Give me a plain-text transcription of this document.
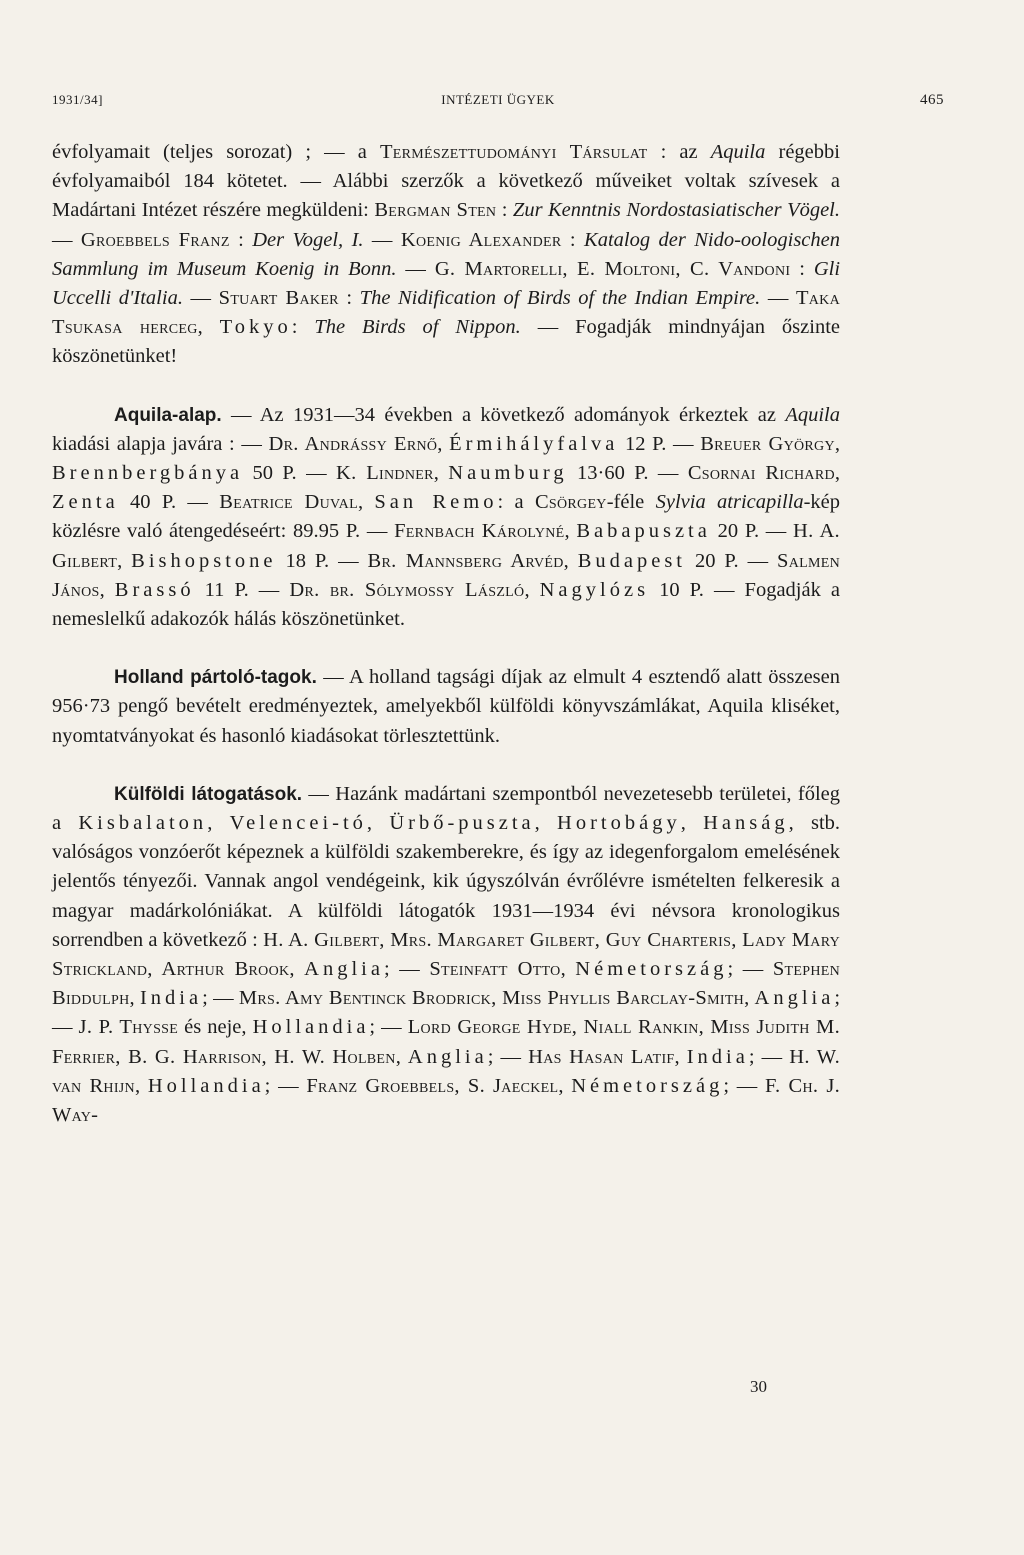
1931/34]	INTÉZETI ÜGYEK	465

évfolyamait (teljes sorozat) ; — a Természettudományi Társulat : az Aquila régebbi évfolyamaiból 184 kötetet. — Alábbi szerzők a következő műveiket voltak szívesek a Madártani Intézet részére megküldeni: Bergman Sten : Zur Kenntnis Nordostasiatischer Vögel. — Groebbels Franz : Der Vogel, I. — Koenig Alexander : Katalog der Nido-oologischen Sammlung im Museum Koenig in Bonn. — G. Martorelli, E. Moltoni, C. Vandoni : Gli Uccelli d'Italia. — Stuart Baker : The Nidification of Birds of the Indian Empire. — Taka Tsukasa herceg, Tokyo: The Birds of Nippon. — Fogadják mindnyájan őszinte köszönetünket!

Aquila-alap. — Az 1931—34 években a következő adományok érkeztek az Aquila kiadási alapja javára : — Dr. Andrássy Ernő, Érmihályfalva 12 P. — Breuer György, Brennbergbánya 50 P. — K. Lindner, Naumburg 13·60 P. — Csornai Richard, Zenta 40 P. — Beatrice Duval, San Remo: a Csörgey-féle Sylvia atricapilla-kép közlésre való átengedéseért: 89.95 P. — Fernbach Károlyné, Babapuszta 20 P. — H. A. Gilbert, Bishopstone 18 P. — Br. Mannsberg Arvéd, Budapest 20 P. — Salmen János, Brassó 11 P. — Dr. br. Sólymossy László, Nagylózs 10 P. — Fogadják a nemeslelkű adakozók hálás köszönetünket.

Holland pártoló-tagok. — A holland tagsági díjak az elmult 4 esztendő alatt összesen 956·73 pengő bevételt eredményeztek, amelyekből külföldi könyvszámlákat, Aquila kliséket, nyomtatványokat és hasonló kiadásokat törlesztettünk.

Külföldi látogatások. — Hazánk madártani szempontból nevezetesebb területei, főleg a Kisbalaton, Velencei-tó, Ürbő-puszta, Hortobágy, Hanság, stb. valóságos vonzóerőt képeznek a külföldi szakemberekre, és így az idegenforgalom emelésének jelentős tényezői. Vannak angol vendégeink, kik úgyszólván évrőlévre ismételten felkeresik a magyar madárkolóniákat. A külföldi látogatók 1931—1934 évi névsora kronologikus sorrendben a következő : H. A. Gilbert, Mrs. Margaret Gilbert, Guy Charteris, Lady Mary Strickland, Arthur Brook, Anglia; — Steinfatt Otto, Németország; — Stephen Biddulph, India; — Mrs. Amy Bentinck Brodrick, Miss Phyllis Barclay-Smith, Anglia; — J. P. Thysse és neje, Hollandia; — Lord George Hyde, Niall Rankin, Miss Judith M. Ferrier, B. G. Harrison, H. W. Holben, Anglia; — Has Hasan Latif, India; — H. W. van Rhijn, Hollandia; — Franz Groebbels, S. Jaeckel, Németország; — F. Ch. J. Way-

30
